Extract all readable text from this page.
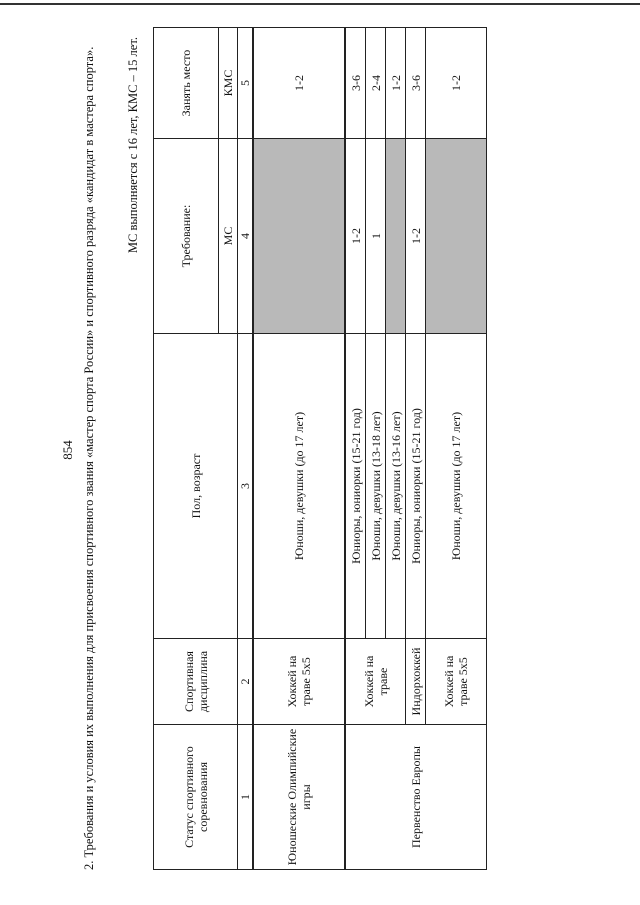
854 2. Требования и условия их выполнения для присвоения спортивного звания «мастер спорта России» и спортивного разряда «кандидат в мастера спорта». МС выполняется с 16 лет, КМС – 15 лет.
Статус спортивного соревнования	Спортивная дисциплина	Пол, возраст	Требование:	Занять место
			МС	КМС
1	2	3	4	5
Юношеские Олимпийские игры	Хоккей на траве 5x5	Юноши, девушки (до 17 лет)		1-2
Первенство Европы	Хоккей на траве	Юниоры, юниорки (15-21 год)	1-2	3-6
		Юноши, девушки (13-18 лет)	1	2-4
		Юноши, девушки (13-16 лет)		1-2
	Индорхоккей	Юниоры, юниорки (15-21 год)	1-2	3-6
	Хоккей на траве 5x5	Юноши, девушки (до 17 лет)		1-2
